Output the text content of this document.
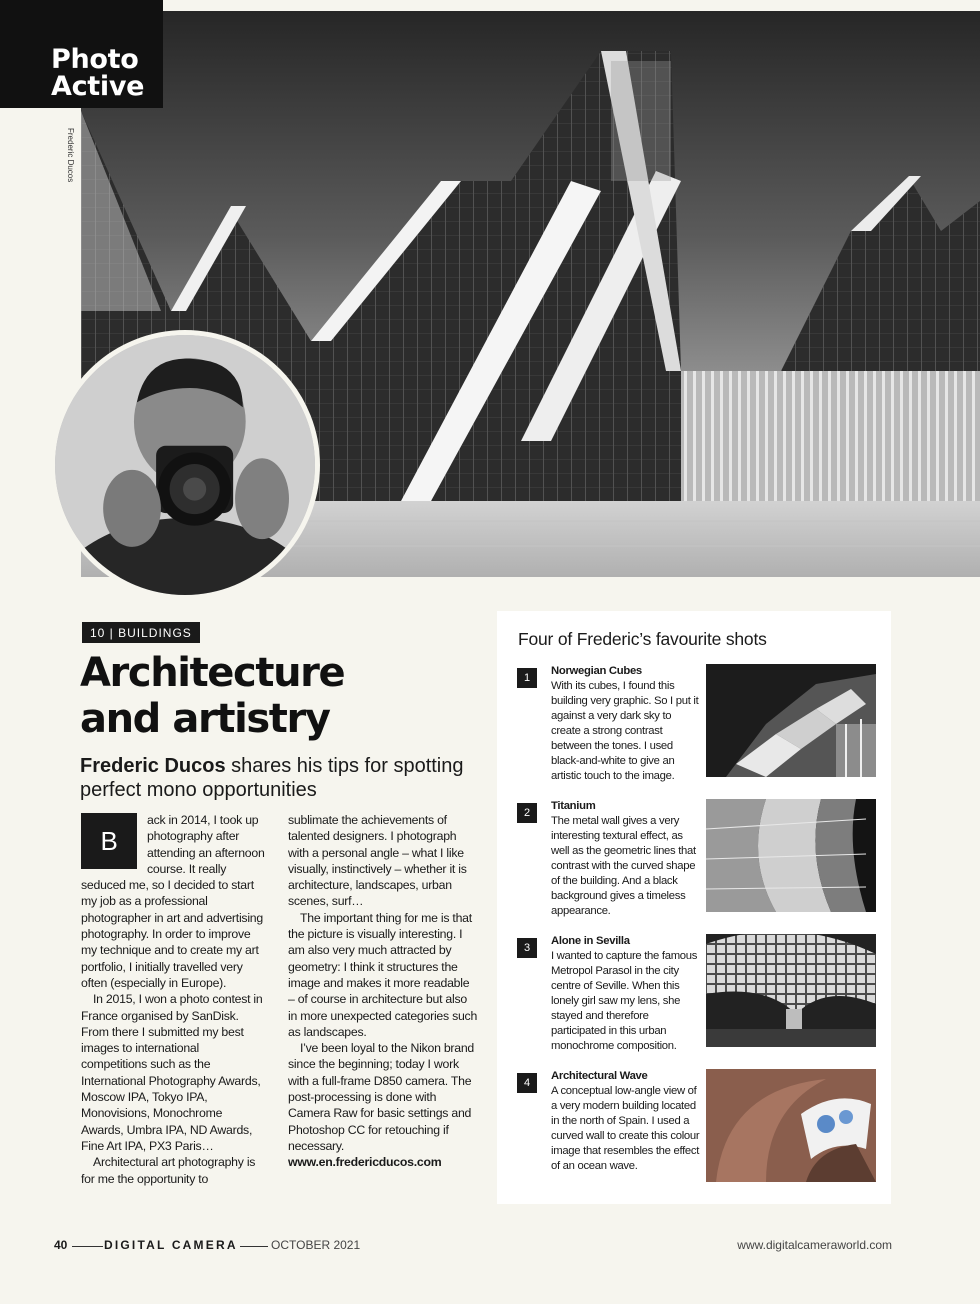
Photo
Active
Frederic Ducos
10 | BUILDINGS
Architecture
and artistry
Frederic Ducos shares his tips for spotting perfect mono opportunities

B
ack in 2014, I took up photography after attending an afternoon course. It really seduced me, so I decided to start my job as a professional photographer in art and advertising photography. In order to improve my technique and to create my art portfolio, I initially travelled very often (especially in Europe).

In 2015, I won a photo contest in France organised by SanDisk. From there I submitted my best images to international competitions such as the International Photography Awards, Moscow IPA, Tokyo IPA, Monovisions, Monochrome Awards, Umbra IPA, ND Awards, Fine Art IPA, PX3 Paris…

Architectural art photography is for me the opportunity to

sublimate the achievements of talented designers. I photograph with a personal angle – what I like visually, instinctively – whether it is architecture, landscapes, urban scenes, surf…

The important thing for me is that the picture is visually interesting. I am also very much attracted by geometry: I think it structures the image and makes it more readable – of course in architecture but also in more unexpected categories such as landscapes.

I’ve been loyal to the Nikon brand since the beginning; today I work with a full-frame D850 camera. The post-processing is done with Camera Raw for basic settings and Photoshop CC for retouching if necessary.

www.en.fredericducos.com

Four of Frederic’s favourite shots
1
Norwegian Cubes
With its cubes, I found this building very graphic. So I put it against a very dark sky to create a strong contrast between the tones. I used black-and-white to give an artistic touch to the image.
2
Titanium
The metal wall gives a very interesting textural effect, as well as the geometric lines that contrast with the curved shape of the building. And a black background gives a timeless appearance.
3
Alone in Sevilla
I wanted to capture the famous Metropol Parasol in the city centre of Seville. When this lonely girl saw my lens, she stayed and therefore participated in this urban monochrome composition.
4
Architectural Wave
A conceptual low-angle view of a very modern building located in the north of Spain. I used a curved wall to create this colour image that resembles the effect of an ocean wave.
40	DIGITAL CAMERA	OCTOBER 2021	www.digitalcameraworld.com
